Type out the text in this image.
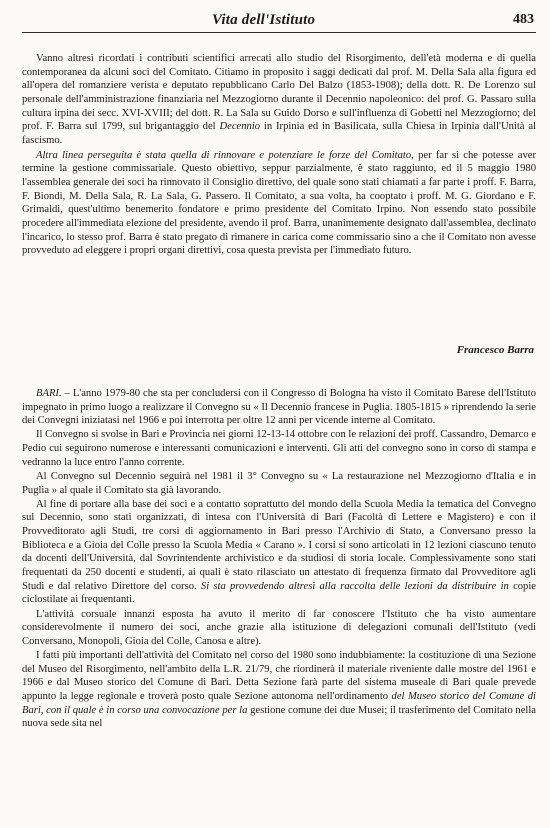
Vita dell'Istituto	483

Vanno altresì ricordati i contributi scientifici arrecati allo studio del Risorgimento, dell'età moderna e di quella contemporanea da alcuni soci del Comitato. Citiamo in proposito i saggi dedicati dal prof. M. Della Sala alla figura ed all'opera del romanziere verista e deputato repubblicano Carlo Del Balzo (1853-1908); della dott. R. De Lorenzo sul personale dell'amministrazione finanziaria nel Mezzogiorno durante il Decennio napoleonico: del prof. G. Passaro sulla cultura irpina dei secc. XVI-XVIII; del dott. R. La Sala su Guido Dorso e sull'influenza di Gobetti nel Mezzogiorno; del prof. F. Barra sul 1799, sul brigantaggio del Decennio in Irpinia ed in Basilicata, sulla Chiesa in Irpinia dall'Unità al fascismo.

Altra linea perseguita è stata quella di rinnovare e potenziare le forze del Comitato, per far sì che potesse aver termine la gestione commissariale. Questo obiettivo, seppur parzialmente, è stato raggiunto, ed il 5 maggio 1980 l'assemblea generale dei soci ha rinnovato il Consiglio direttivo, del quale sono stati chiamati a far parte i proff. F. Barra, F. Biondi, M. Della Sala, R. La Sala, G. Passero. Il Comitato, a sua volta, ha cooptato i proff. M. G. Giordano e F. Grimaldi, quest'ultimo benemerito fondatore e primo presidente del Comitato Irpino. Non essendo stato possibile procedere all'immediata elezione del presidente, avendo il prof. Barra, unanimemente designato dall'assemblea, declinato l'incarico, lo stesso prof. Barra è stato pregato di rimanere in carica come commissario sino a che il Comitato non avesse provveduto ad eleggere i propri organi direttivi, cosa questa prevista per l'immediato futuro.

Francesco Barra

BARI. – L'anno 1979-80 che sta per concludersi con il Congresso di Bologna ha visto il Comitato Barese dell'Istituto impegnato in primo luogo a realizzare il Convegno su « Il Decennio francese in Puglia. 1805-1815 » riprendendo la serie dei Convegni iniziatasi nel 1966 e poi interrotta per oltre 12 anni per vicende interne al Comitato.

Il Convegno si svolse in Bari e Provincia nei giorni 12-13-14 ottobre con le relazioni dei proff. Cassandro, Demarco e Pedio cui seguirono numerose e interessanti comunicazioni e interventi. Gli atti del convegno sono in corso di stampa e vedranno la luce entro l'anno corrente.

Al Convegno sul Decennio seguirà nel 1981 il 3° Convegno su « La restaurazione nel Mezzogiorno d'Italia e in Puglia » al quale il Comitato sta già lavorando.

Al fine di portare alla base dei soci e a contatto soprattutto del mondo della Scuola Media la tematica del Convegno sul Decennio, sono stati organizzati, di intesa con l'Università di Bari (Facoltà di Lettere e Magistero) e con il Provveditorato agli Studi, tre corsi di aggiornamento in Bari presso l'Archivio di Stato, a Conversano presso la Biblioteca e a Gioia del Colle presso la Scuola Media « Carano ». I corsi si sono articolati in 12 lezioni ciascuno tenuto da docenti dell'Università, dal Sovrintendente archivistico e da studiosi di storia locale. Complessivamente sono stati frequentati da 250 docenti e studenti, ai quali è stato rilasciato un attestato di frequenza firmato dal Provveditore agli Studi e dal relativo Direttore del corso. Si sta provvedendo altresì alla raccolta delle lezioni da distribuire in copie ciclostilate ai frequentanti.

L'attività corsuale innanzi esposta ha avuto il merito di far conoscere l'Istituto che ha visto aumentare considerevolmente il numero dei soci, anche grazie alla istituzione di delegazioni comunali dell'Istituto (vedi Conversano, Monopoli, Gioia del Colle, Canosa e altre).

I fatti più importanti dell'attività del Comitato nel corso del 1980 sono indubbiamente: la costituzione di una Sezione del Museo del Risorgimento, nell'ambito della L.R. 21/79, che riordinerà il materiale riveniente dalle mostre del 1961 e 1966 e dal Museo storico del Comune di Bari. Detta Sezione farà parte del sistema museale di Bari quale prevede appunto la legge regionale e troverà posto quale Sezione autonoma nell'ordinamento del Museo storico del Comune di Bari, con il quale è in corso una convocazione per la gestione comune dei due Musei; il trasferimento del Comitato nella nuova sede sita nel
